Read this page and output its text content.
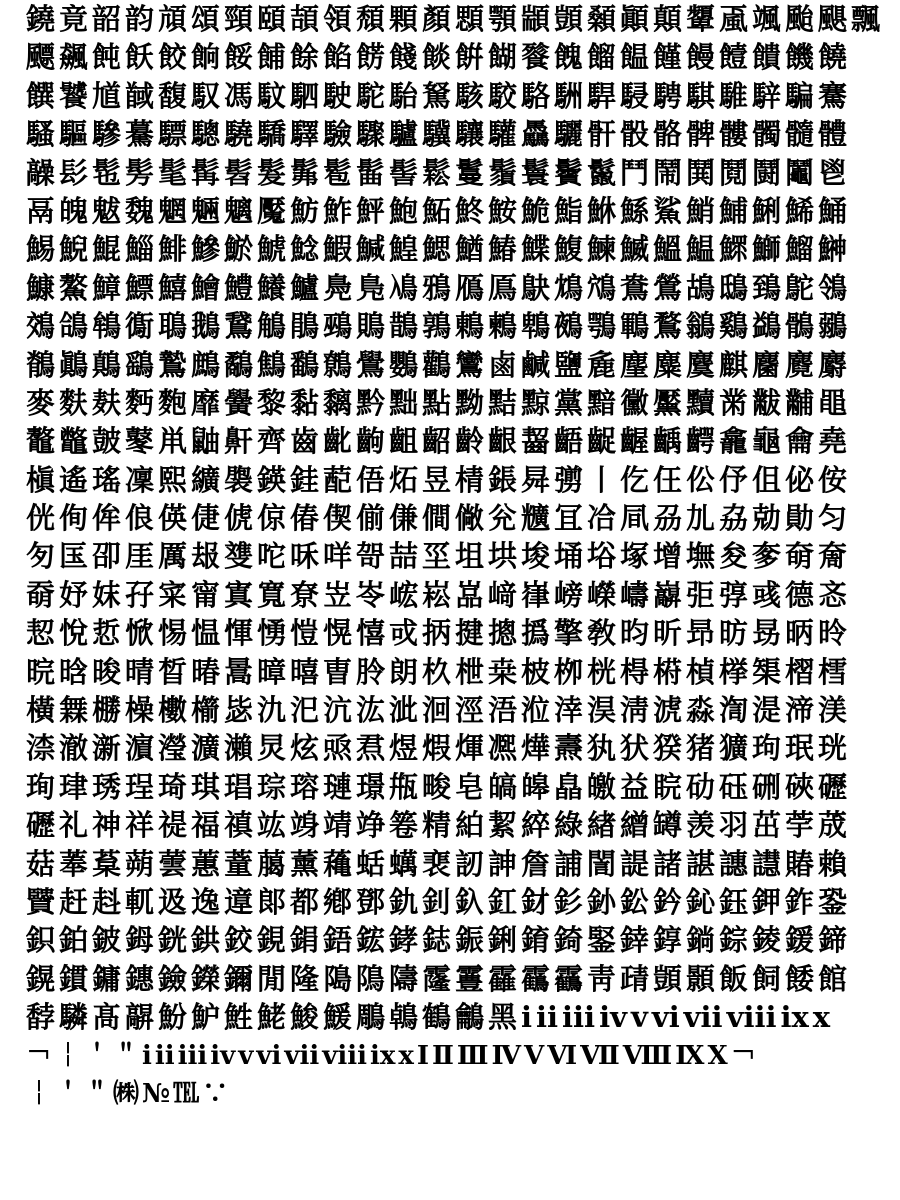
鐃竟韶韵頏頌頸頤頡領頹顆顏顋顎顓顗顙顚顛顰颪颯颱颶飄
飃飆飩飫餃餉餒餔餘餡餝餞餤餠餬餮餽餾饂饉饅饐饋饑饒
饌饕馗馘馥馭馮馼駟駛駝駘駑駭駮駱駲駻駸騁騏騅騂騙騫
騷驅驂驀驃驄驍驕驛驗驟驢驥驤驩驫驪骭骰骼髀髏髑髓體
髞髟髢髣髦髯髫髮髴髱髷髻鬆鬘鬚鬟鬢鬣鬥鬧鬨鬩鬪鬮鬯
鬲魄魃魏魍魎魑魘魴鮓鮃鮑鮖鮗鮟鮠鮨鮴鯀鯊鮹鯆鯏鯑鯒
鯣鯢鯤鯔鯡鰺鯲鯱鯰鰕鰔鰉鰓鰌鰆鰈鰒鰊鰄鰮鰛鰥鰤鰡鰰
鱇鰲鱆鰾鱚鱠鱧鱶鱸鳧鳬鳰鴉鴈鳫鴃鴆鴪鴦鶯鴣鴟鵄鴕鴒
鵁鴿鴾鵆鵈鵝鵞鵤鵑鵐鵙鵲鶉鶇鶫鵯鵺鶚鶤鶩鶲鷄鷁鶻鶸
鶺鷆鷏鷂鷙鷓鷸鷦鷭鷯鷽鸚鸛鸞鹵鹹鹽麁麈麋麌麒麕麑麝
麥麩麸麪麭靡黌黎黏黐黔黜點黝黠黥黨黯黴黶黷黹黻黼黽
鼇鼈皷鼕鼡鼬鼾齊齒齔齣齟齠齡齦齧齬齪齷齲齶龕龜龠堯
槇遙瑤凜熙纊褜鍈銈蓜俉炻昱棈鋹曻彅丨仡仼伀伃伹佖侒
侊侚侔俍偀倢俿倞偆偰偂傔僴僘兊兤冝冾凬刕劜劦勀勛匀
匇匤卲厓厲叝﨎咜咊咩哿喆坙坥垬埈埇﨏塚增墲夋奓奛奝
奣妤妺孖寀甯寘寬尞岦岺峵崧嵓﨑嵂嵭嶸嶹巐弡弴彧德忞
恝悅悊惞惕愠惲愑愷愰憘戓抦揵摠撝擎敎昀昕昻昉昮昞昤
晥晗晙晴晳暙暠暲暿曺朎朗杦枻桒柀栁桄棏﨓楨﨔榘槢樰
橫橆橳橾櫢櫤毖氿汜沆汯泚洄涇浯涖涬淏淸淲淼渹湜渧渼
渿澈澵濵瀅瀇瀨炅炫焏焄煜煆煇凞燁燾犱犾猤猪獷玽珉珖
珣珒琇珵琦琪琩琮瑢璉璟甁畯皂皜皞皛皦益睆劯砡硎硤礰
礰礼神祥禔福禛竑竧靖竫箞精絈絜綷綠緖繒罇羡羽茁荢荿
菇菶葈蒴蕓蕙蕫﨟薰蘒蛞蠇裵訒訷詹誧誾諟諸諶譓譿賰賴
贒赶﨣軏﨤逸遧郞都鄕鄧釚釗釞釭釮釤釥鈆鈐鈊鈺鉀鈼銎
鉙鉑鈹鉧銧鉷鉸鋧鋗鋙鋐﨧鋕鋠鋓錥錡鋻﨨錞鋿錝錂鍰鍗
鎤鏆鏞鏸鐱鑅鑈閒隆﨩隝隯霳霻靃靍靏靑靕顗顥飯飼餧館
馞驎髙髜魵魲鮏鮱鮻鰀鵰鵫鶴鸙黑ⅰⅱⅲⅳⅴⅵⅶⅷⅸⅹ
￢￤＇＂ⅰⅱⅲⅳⅴⅵⅶⅷⅸⅹⅠⅡⅢⅣⅤⅥⅦⅧⅨⅩ￢
￤＇＂㈱№℡∵
